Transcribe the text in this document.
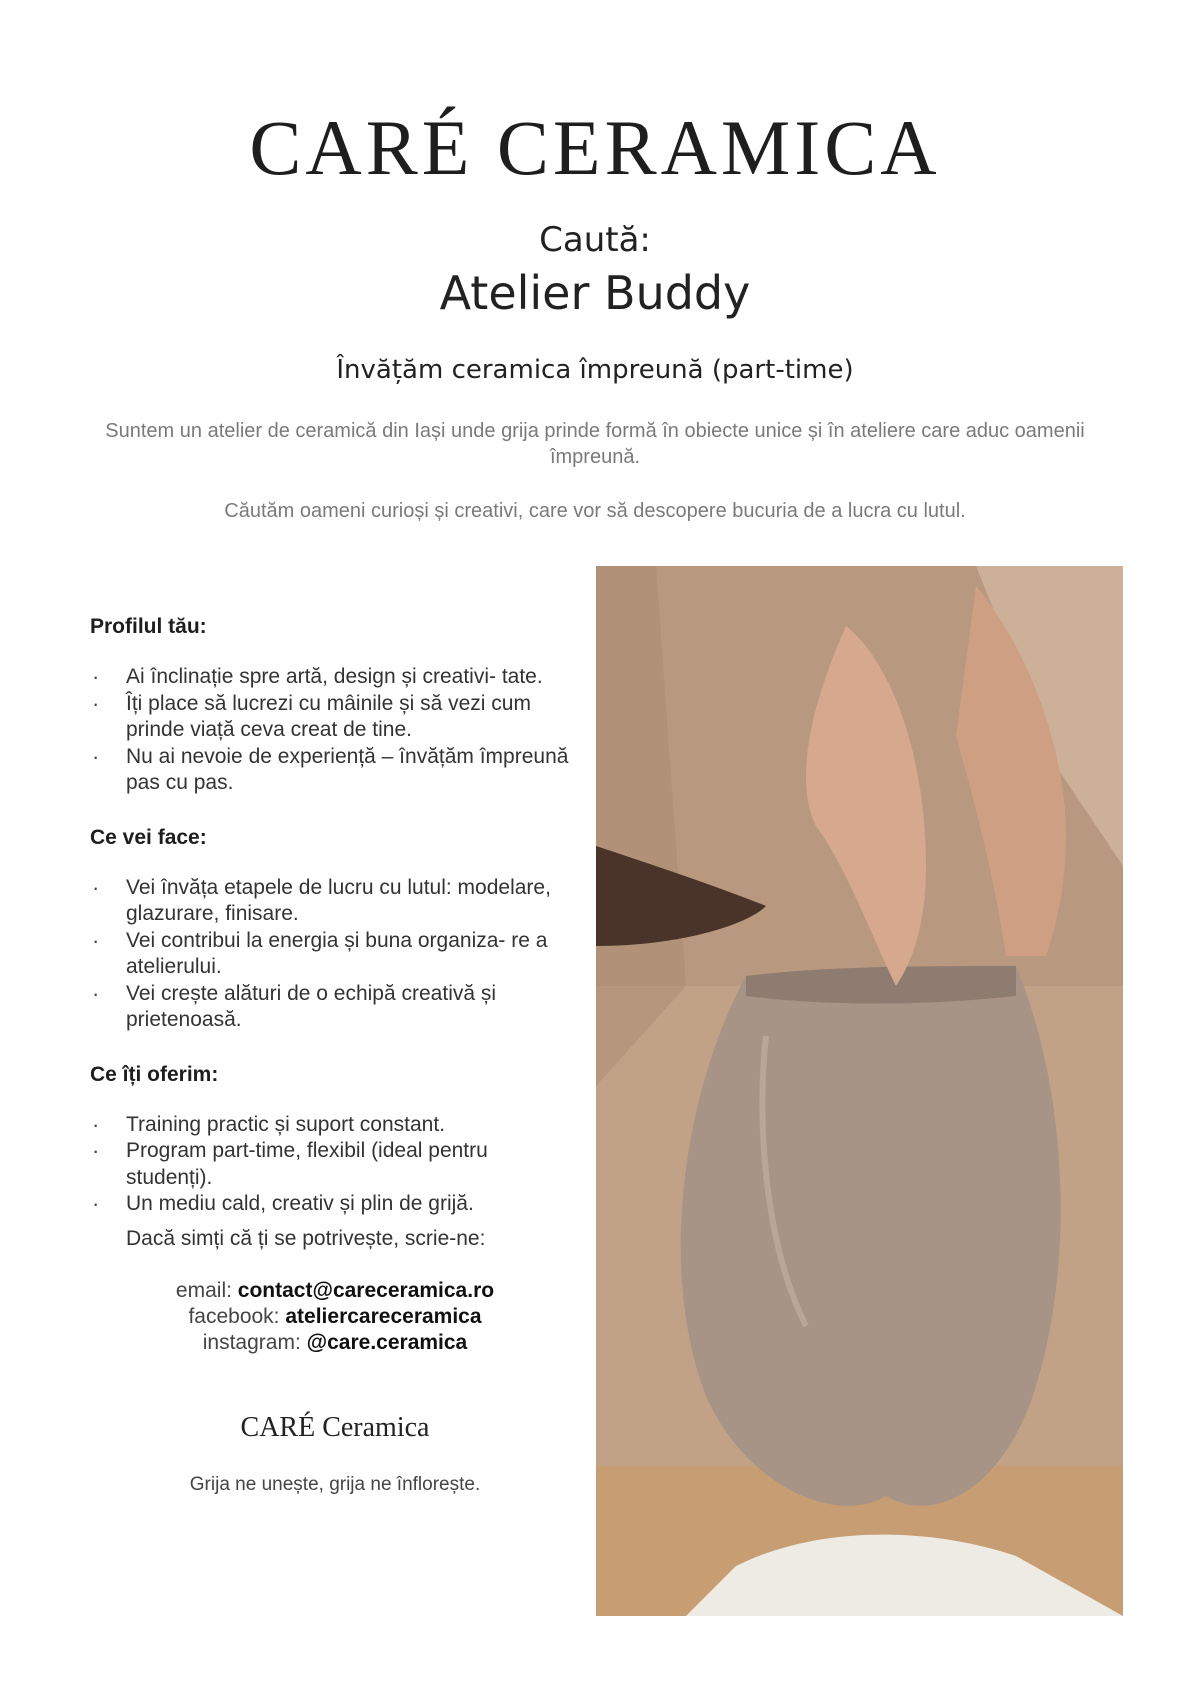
CARÉ CERAMICA
Caută:
Atelier Buddy
Învățăm ceramica împreună (part-time)
Suntem un atelier de ceramică din Iași unde grija prinde formă în obiecte unice și în ateliere care aduc oamenii împreună.
Căutăm oameni curioși și creativi, care vor să descopere bucuria de a lucra cu lutul.
Profilul tău:
· Ai înclinație spre artă, design și creativi- tate.
· Îți place să lucrezi cu mâinile și să vezi cum prinde viață ceva creat de tine.
· Nu ai nevoie de experiență – învățăm împreună pas cu pas.
Ce vei face:
· Vei învăța etapele de lucru cu lutul: modelare, glazurare, finisare.
· Vei contribui la energia și buna organiza- re a atelierului.
· Vei crește alături de o echipă creativă și prietenoasă.
Ce îți oferim:
· Training practic și suport constant.
· Program part-time, flexibil (ideal pentru studenți).
· Un mediu cald, creativ și plin de grijă.
Dacă simți că ți se potrivește, scrie-ne:
email: contact@careceramica.ro
facebook: ateliercareceramica
instagram: @care.ceramica
CARÉ Ceramica
Grija ne unește, grija ne înflorește.
